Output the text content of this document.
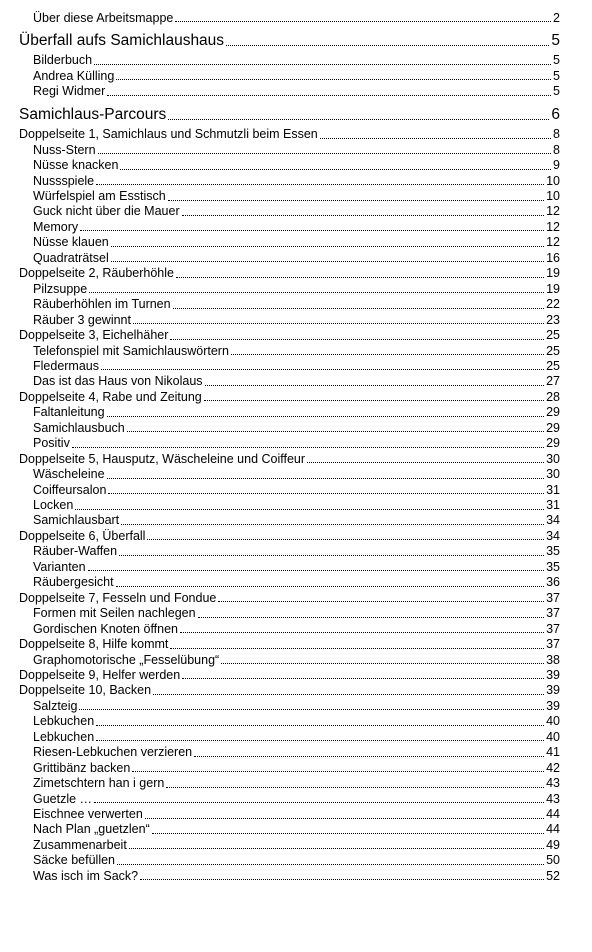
Über diese Arbeitsmappe	2
Überfall aufs Samichlaushaus	5
Bilderbuch	5
Andrea Külling	5
Regi Widmer	5
Samichlaus-Parcours	6
Doppelseite 1, Samichlaus und Schmutzli beim Essen	8
Nuss-Stern	8
Nüsse knacken	9
Nussspiele	10
Würfelspiel am Esstisch	10
Guck nicht über die Mauer	12
Memory	12
Nüsse klauen	12
Quadraträtsel	16
Doppelseite 2, Räuberhöhle	19
Pilzsuppe	19
Räuberhöhlen im Turnen	22
Räuber 3 gewinnt	23
Doppelseite 3, Eichelhäher	25
Telefonspiel mit Samichlauswörtern	25
Fledermaus	25
Das ist das Haus von Nikolaus	27
Doppelseite 4, Rabe und Zeitung	28
Faltanleitung	29
Samichlausbuch	29
Positiv	29
Doppelseite 5, Hausputz, Wäscheleine und Coiffeur	30
Wäscheleine	30
Coiffeursalon	31
Locken	31
Samichlausbart	34
Doppelseite 6, Überfall	34
Räuber-Waffen	35
Varianten	35
Räubergesicht	36
Doppelseite 7, Fesseln und Fondue	37
Formen mit Seilen nachlegen	37
Gordischen Knoten öffnen	37
Doppelseite 8, Hilfe kommt	37
Graphomotorische „Fesselübung“	38
Doppelseite 9, Helfer werden	39
Doppelseite 10, Backen	39
Salzteig	39
Lebkuchen	40
Lebkuchen	40
Riesen-Lebkuchen verzieren	41
Grittibänz backen	42
Zimetschtern han i gern	43
Guetzle …	43
Eischnee verwerten	44
Nach Plan „guetzlen“	44
Zusammenarbeit	49
Säcke befüllen	50
Was isch im Sack?	52
